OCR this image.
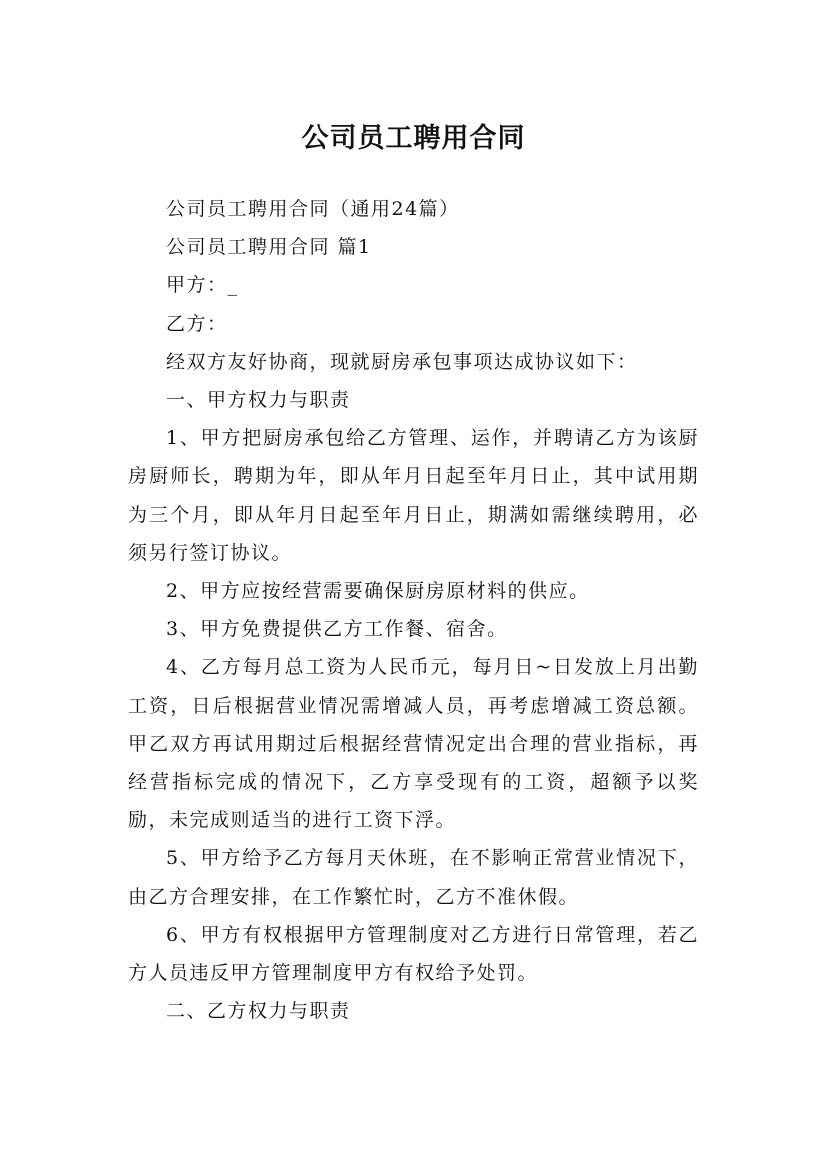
公司员工聘用合同

公司员工聘用合同（通用24篇）

公司员工聘用合同 篇1

甲方：_

乙方：

经双方友好协商，现就厨房承包事项达成协议如下：

一、甲方权力与职责

1、甲方把厨房承包给乙方管理、运作，并聘请乙方为该厨房厨师长，聘期为年，即从年月日起至年月日止，其中试用期为三个月，即从年月日起至年月日止，期满如需继续聘用，必须另行签订协议。

2、甲方应按经营需要确保厨房原材料的供应。

3、甲方免费提供乙方工作餐、宿舍。

4、乙方每月总工资为人民币元，每月日~日发放上月出勤工资，日后根据营业情况需增减人员，再考虑增减工资总额。甲乙双方再试用期过后根据经营情况定出合理的营业指标，再经营指标完成的情况下，乙方享受现有的工资，超额予以奖励，未完成则适当的进行工资下浮。

5、甲方给予乙方每月天休班，在不影响正常营业情况下，由乙方合理安排，在工作繁忙时，乙方不准休假。

6、甲方有权根据甲方管理制度对乙方进行日常管理，若乙方人员违反甲方管理制度甲方有权给予处罚。

二、乙方权力与职责
